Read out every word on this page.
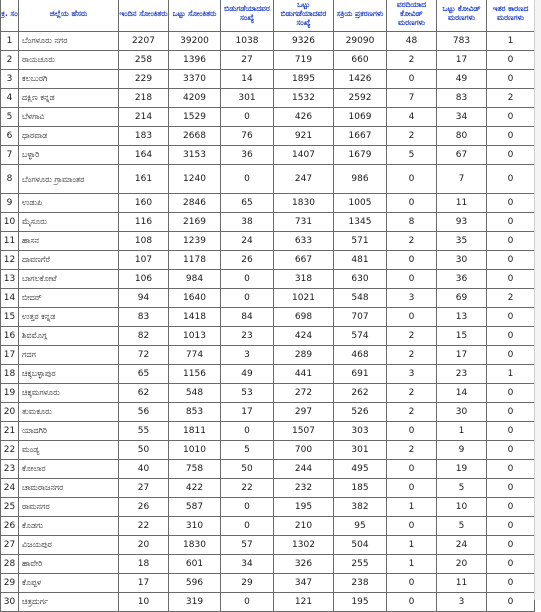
ಕ್ರ. ಸಂ	ಜಿಲ್ಲೆಯ ಹೆಸರು	ಇಂದಿನ ಸೋಂಕಿತರು	ಒಟ್ಟು ಸೋಂಕಿತರು	ಬಿಡುಗಡೆಯಾದವರ ಸಂಖ್ಯೆ	ಒಟ್ಟು ಬಿಡುಗಡೆಯಾದವರ ಸಂಖ್ಯೆ	ಸಕ್ರಿಯ ಪ್ರಕರಣಗಳು	ವರದಿಯಾದ ಕೋವಿಡ್ ಮರಣಗಳು	ಒಟ್ಟು ಕೋವಿಡ್ ಮರಣಗಳು	ಇತರ ಕಾರಣದ ಮರಣಗಳು
1	ಬೆಂಗಳೂರು ನಗರ	2207	39200	1038	9326	29090	48	783	1
2	ರಾಯಚೂರು	258	1396	27	719	660	2	17	0
3	ಕಲಬುರಗಿ	229	3370	14	1895	1426	0	49	0
4	ದಕ್ಷಿಣ ಕನ್ನಡ	218	4209	301	1532	2592	7	83	2
5	ಬೆಳಗಾವಿ	214	1529	0	426	1069	4	34	0
6	ಧಾರವಾಡ	183	2668	76	921	1667	2	80	0
7	ಬಳ್ಳಾರಿ	164	3153	36	1407	1679	5	67	0
8	ಬೆಂಗಳೂರು ಗ್ರಾಮಾಂತರ	161	1240	0	247	986	0	7	0
9	ಉಡುಪಿ	160	2846	65	1830	1005	0	11	0
10	ಮೈಸೂರು	116	2169	38	731	1345	8	93	0
11	ಹಾಸನ	108	1239	24	633	571	2	35	0
12	ದಾವಣಗೆರೆ	107	1178	26	667	481	0	30	0
13	ಬಾಗಲಕೋಟೆ	106	984	0	318	630	0	36	0
14	ಬೀದರ್	94	1640	0	1021	548	3	69	2
15	ಉತ್ತರ ಕನ್ನಡ	83	1418	84	698	707	0	13	0
16	ಶಿವಮೊಗ್ಗ	82	1013	23	424	574	2	15	0
17	ಗದಗ	72	774	3	289	468	2	17	0
18	ಚಿಕ್ಕಬಳ್ಳಾಪುರ	65	1156	49	441	691	3	23	1
19	ಚಿಕ್ಕಮಗಳೂರು	62	548	53	272	262	2	14	0
20	ತುಮಕೂರು	56	853	17	297	526	2	30	0
21	ಯಾದಗಿರಿ	55	1811	0	1507	303	0	1	0
22	ಮಂಡ್ಯ	50	1010	5	700	301	2	9	0
23	ಕೋಲಾರ	40	758	50	244	495	0	19	0
24	ಚಾಮರಾಜನಗರ	27	422	22	232	185	0	5	0
25	ರಾಮನಗರ	26	587	0	195	382	1	10	0
26	ಕೊಡಗು	22	310	0	210	95	0	5	0
27	ವಿಜಯಪುರ	20	1830	57	1302	504	1	24	0
28	ಹಾವೇರಿ	18	601	34	326	255	1	20	0
29	ಕೊಪ್ಪಳ	17	596	29	347	238	0	11	0
30	ಚಿತ್ರದುರ್ಗ	10	319	0	121	195	0	3	0
